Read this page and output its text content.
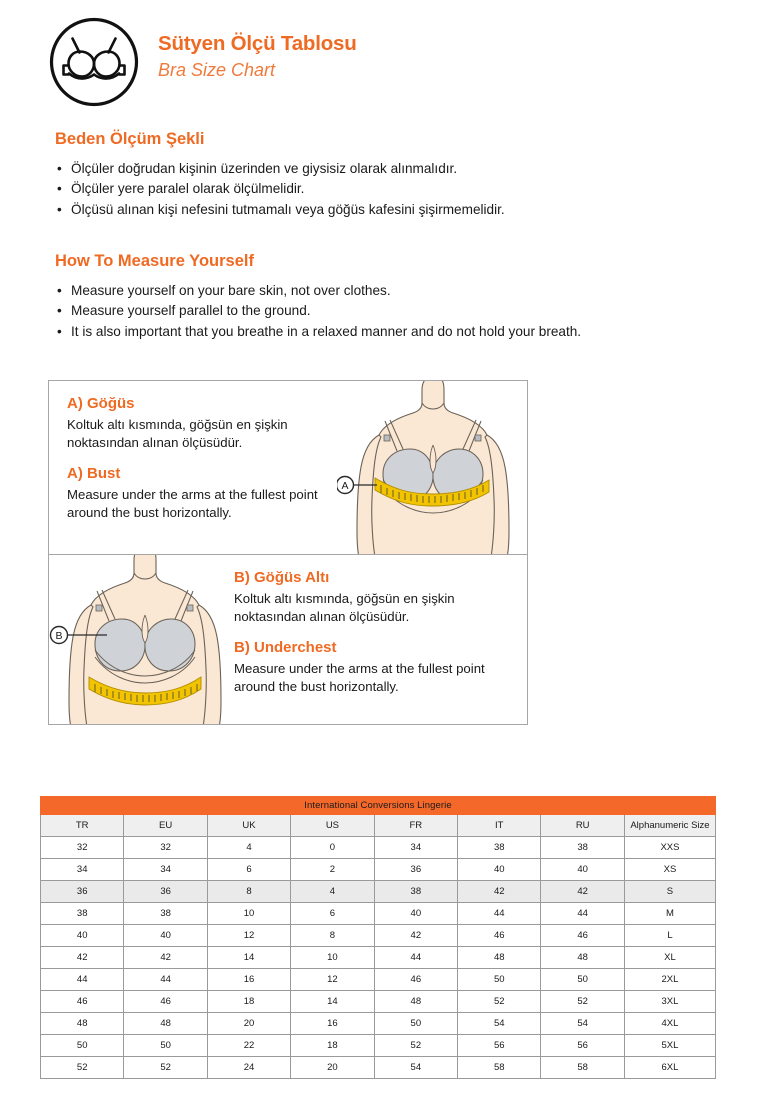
Sütyen Ölçü Tablosu
Bra Size Chart
Beden Ölçüm Şekli
• Ölçüler doğrudan kişinin üzerinden ve giysisiz olarak alınmalıdır.
• Ölçüler yere paralel olarak ölçülmelidir.
• Ölçüsü alınan kişi nefesini tutmamalı veya göğüs kafesini şişirmemelidir.
How To Measure Yourself
• Measure yourself on your bare skin, not over clothes.
• Measure yourself parallel to the ground.
• It is also important that you breathe in a relaxed manner and do not hold your breath.
A) Göğüs
Koltuk altı kısmında, göğsün en şişkin noktasından alınan ölçüsüdür.
A) Bust
Measure under the arms at the fullest point around the bust horizontally.
A
B) Göğüs Altı
Koltuk altı kısmında, göğsün en şişkin noktasından alınan ölçüsüdür.
B) Underchest
Measure under the arms at the fullest point around the bust horizontally.
B
International Conversions Lingerie							
TR	EU	UK	US	FR	IT	RU	Alphanumeric Size
32	32	4	0	34	38	38	XXS
34	34	6	2	36	40	40	XS
36	36	8	4	38	42	42	S
38	38	10	6	40	44	44	M
40	40	12	8	42	46	46	L
42	42	14	10	44	48	48	XL
44	44	16	12	46	50	50	2XL
46	46	18	14	48	52	52	3XL
48	48	20	16	50	54	54	4XL
50	50	22	18	52	56	56	5XL
52	52	24	20	54	58	58	6XL
